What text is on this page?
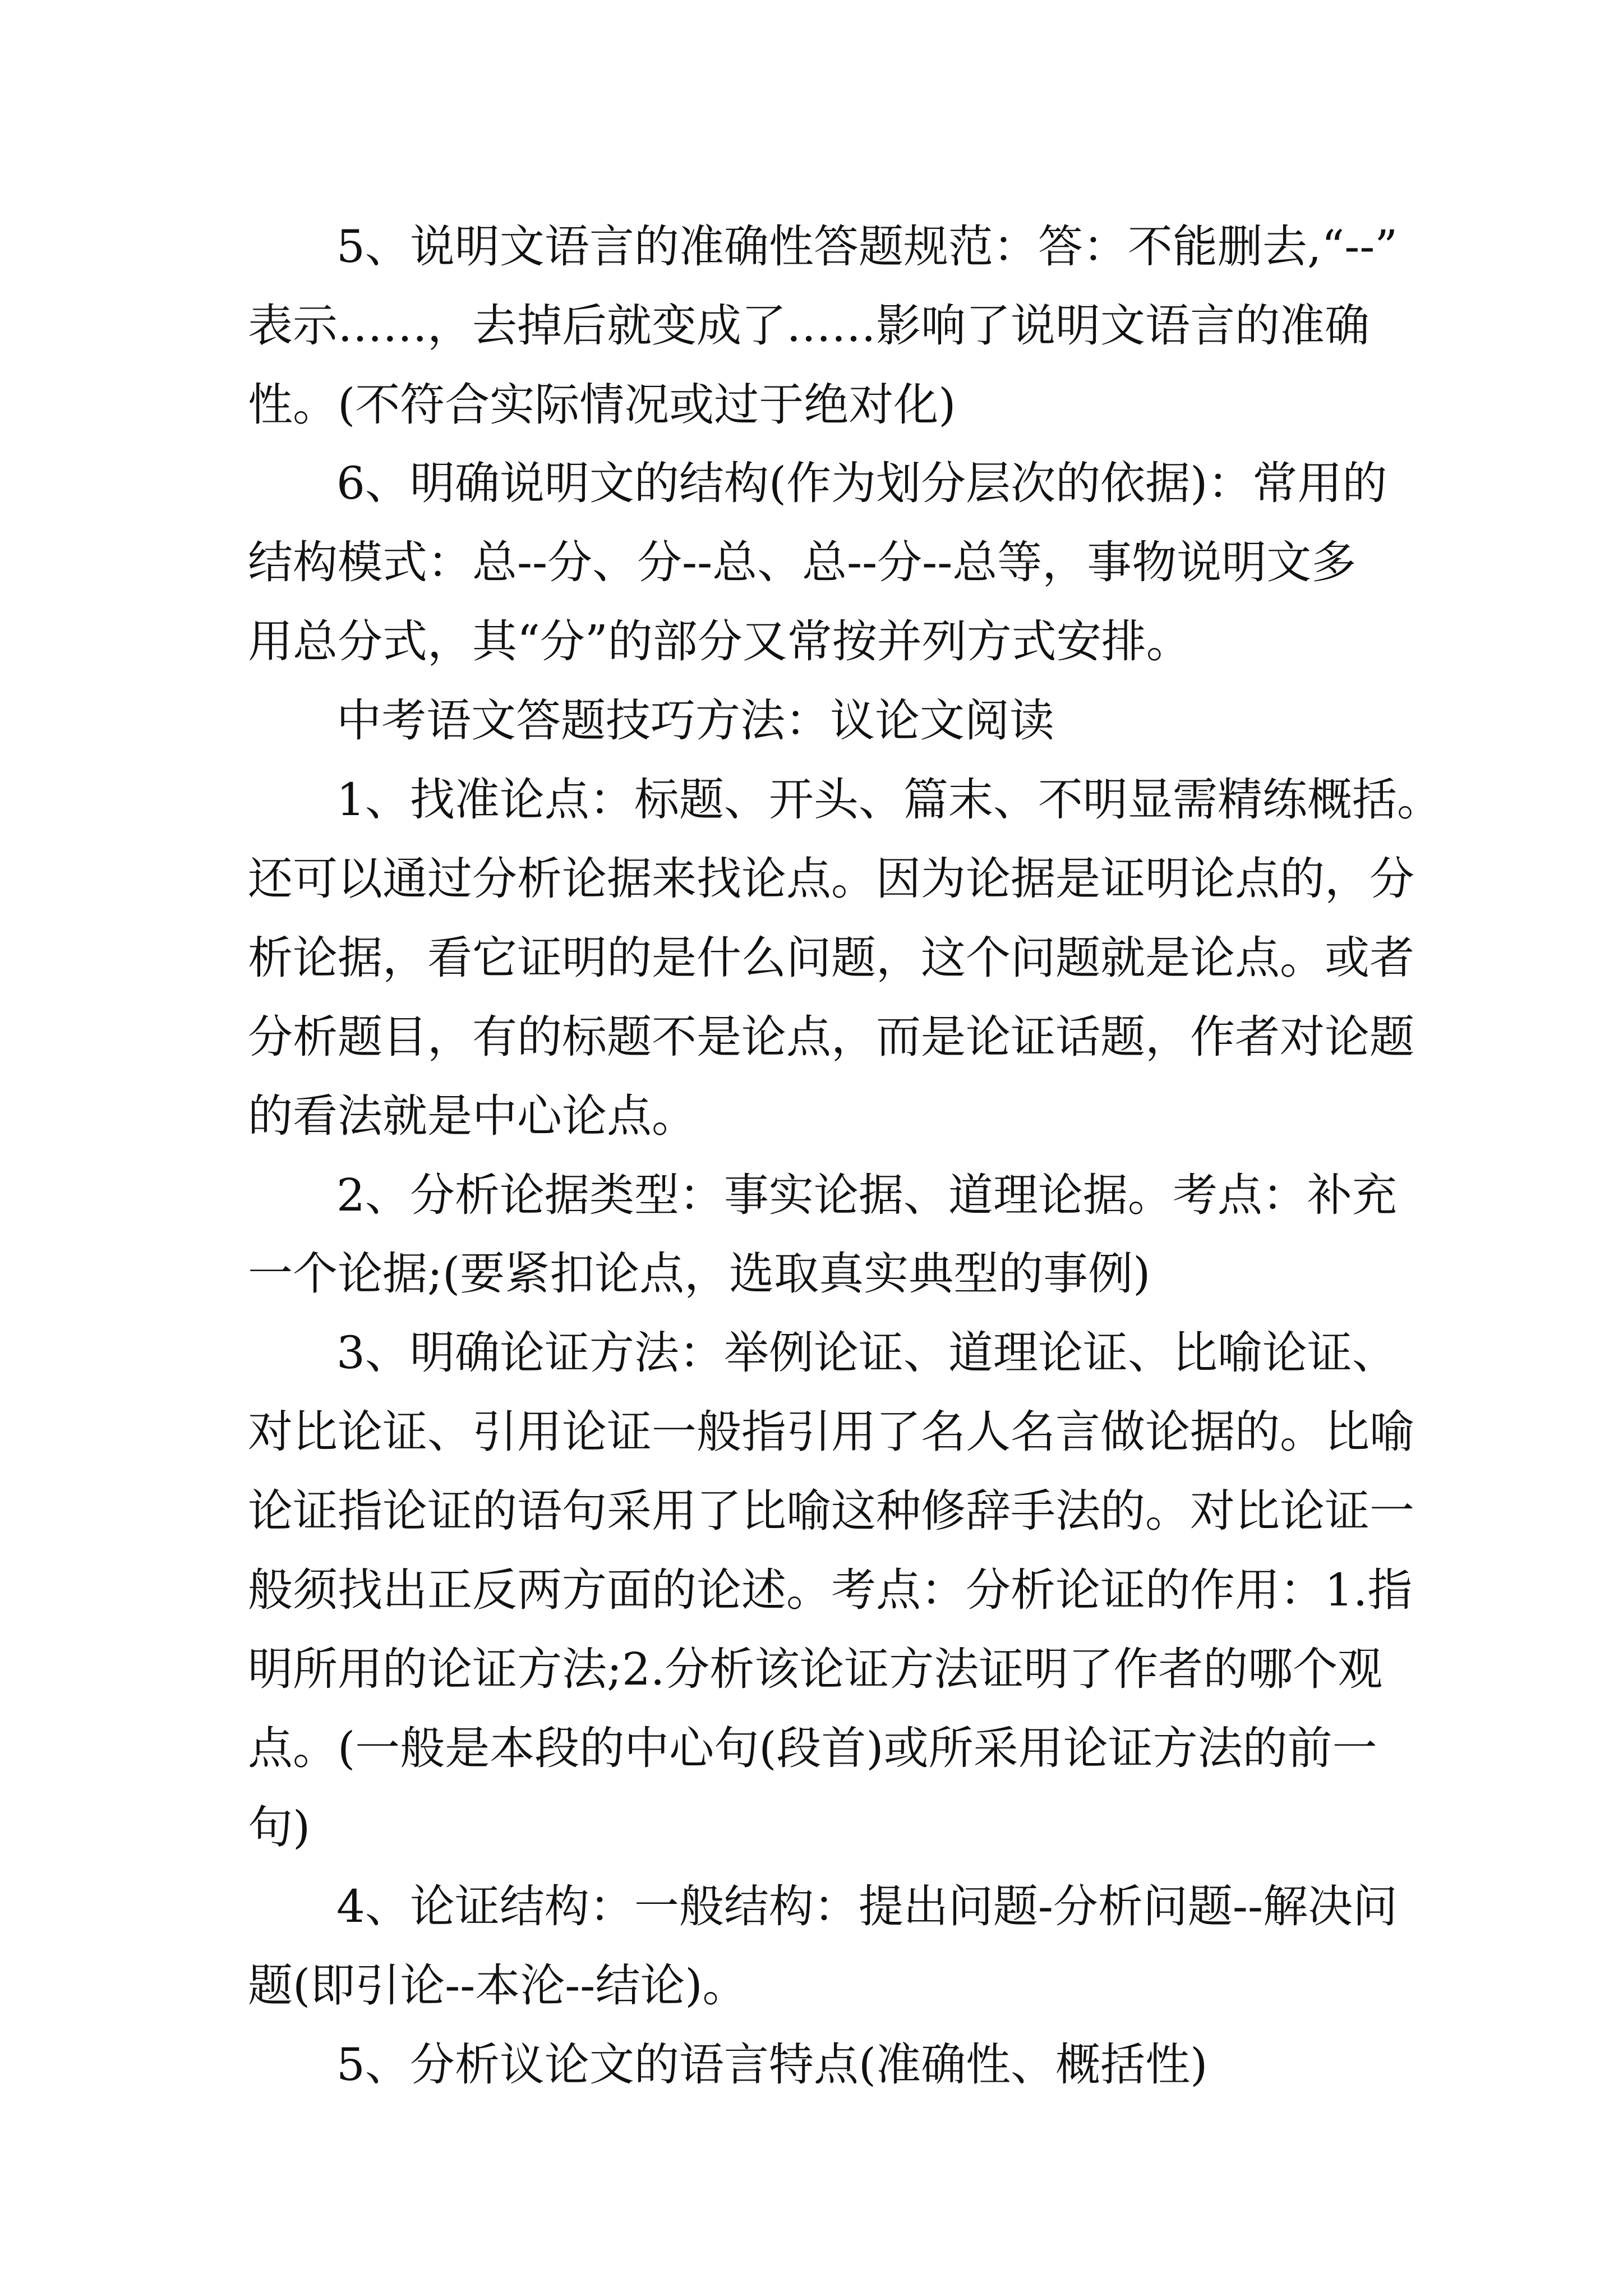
5、说明文语言的准确性答题规范：答：不能删去,“--”
表示……，去掉后就变成了……影响了说明文语言的准确
性。(不符合实际情况或过于绝对化)
6、明确说明文的结构(作为划分层次的依据)：常用的
结构模式：总--分、分--总、总--分--总等，事物说明文多
用总分式，其“分”的部分又常按并列方式安排。
中考语文答题技巧方法：议论文阅读
1、找准论点：标题、开头、篇末、不明显需精练概括。
还可以通过分析论据来找论点。因为论据是证明论点的，分
析论据，看它证明的是什么问题，这个问题就是论点。或者
分析题目，有的标题不是论点，而是论证话题，作者对论题
的看法就是中心论点。
2、分析论据类型：事实论据、道理论据。考点：补充
一个论据;(要紧扣论点，选取真实典型的事例)
3、明确论证方法：举例论证、道理论证、比喻论证、
对比论证、引用论证一般指引用了名人名言做论据的。比喻
论证指论证的语句采用了比喻这种修辞手法的。对比论证一
般须找出正反两方面的论述。考点：分析论证的作用：1.指
明所用的论证方法;2.分析该论证方法证明了作者的哪个观
点。(一般是本段的中心句(段首)或所采用论证方法的前一
句)
4、论证结构：一般结构：提出问题-分析问题--解决问
题(即引论--本沦--结论)。
5、分析议论文的语言特点(准确性、概括性)
